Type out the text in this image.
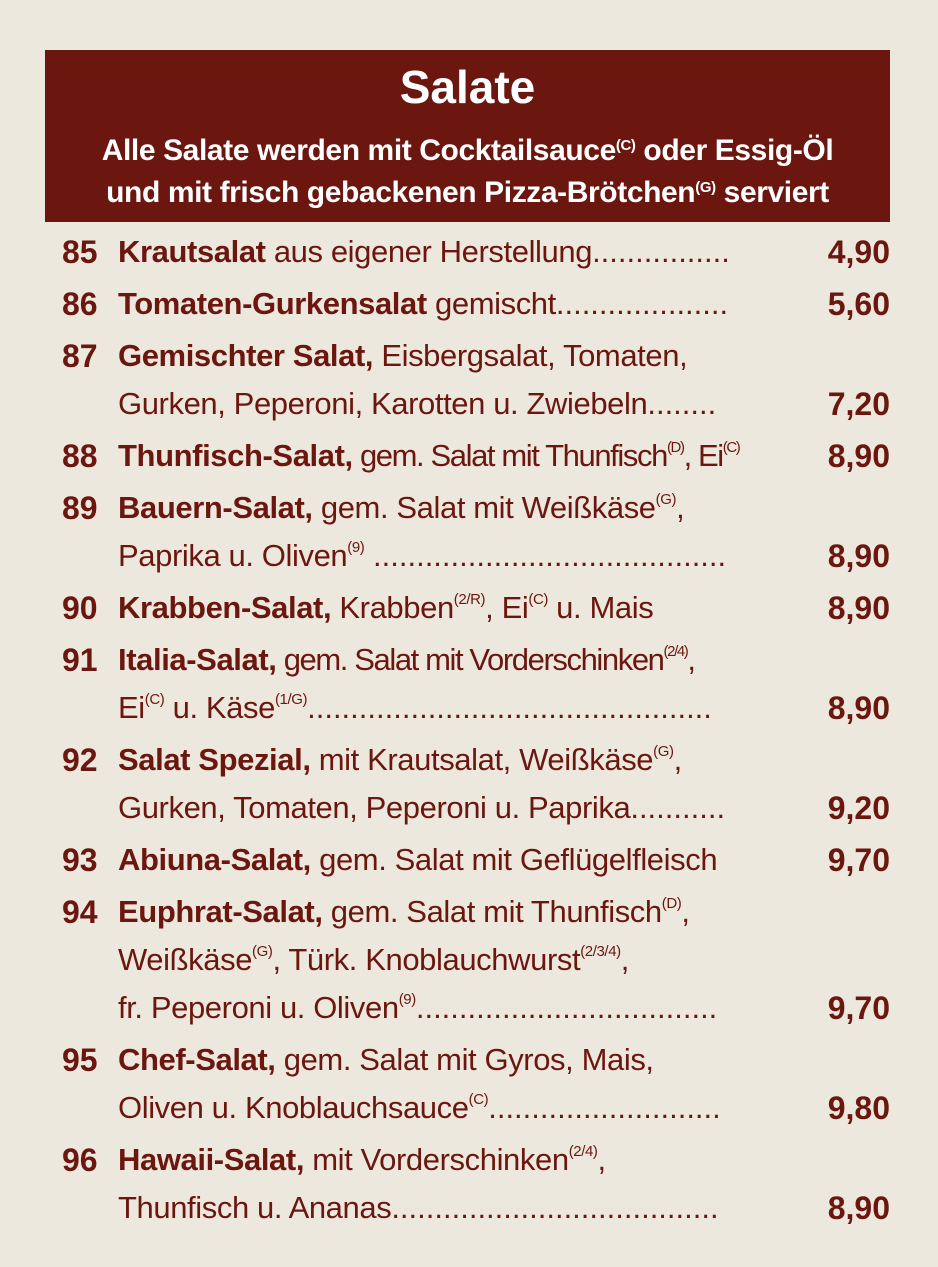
Salate
Alle Salate werden mit Cocktailsauce$^{(C)}$ oder Essig-Öl
und mit frisch gebackenen Pizza-Brötchen$^{(G)}$ serviert
85 Krautsalat aus eigener Herstellung................	4,90
86 Tomaten-Gurkensalat gemischt....................	5,60
87 Gemischter Salat, Eisbergsalat, Tomaten,
Gurken, Peperoni, Karotten u. Zwiebeln........	7,20
88 Thunfisch-Salat, gem. Salat mit Thunfisch$^{(D)}$, $Ei^{(C)}$	8,90
89 Bauern-Salat, gem. Salat mit Weißkäse$^{(G)}$,
Paprika u. Oliven$^{(9)}$ .........................................	8,90
90 Krabben-Salat, Krabben$^{(2/R)}$, $Ei^{(C)}$ u. Mais	8,90
91 Italia-Salat, gem. Salat mit Vorderschinken$^{(2/4)}$,
$Ei^{(C)}$ u. Käse$^{(1/G)}$...............................................	8,90
92 Salat Spezial, mit Krautsalat, Weißkäse$^{(G)}$,
Gurken, Tomaten, Peperoni u. Paprika...........	9,20
93 Abiuna-Salat, gem. Salat mit Geflügelfleisch	9,70
94 Euphrat-Salat, gem. Salat mit Thunfisch$^{(D)}$,
Weißkäse$^{(G)}$, Türk. Knoblauchwurst$^{(2/3/4)}$,
fr. Peperoni u. Oliven$^{(9)}$...................................	9,70
95 Chef-Salat, gem. Salat mit Gyros, Mais,
Oliven u. Knoblauchsauce$^{(C)}$...........................	9,80
96 Hawaii-Salat, mit Vorderschinken$^{(2/4)}$,
Thunfisch u. Ananas......................................	8,90
